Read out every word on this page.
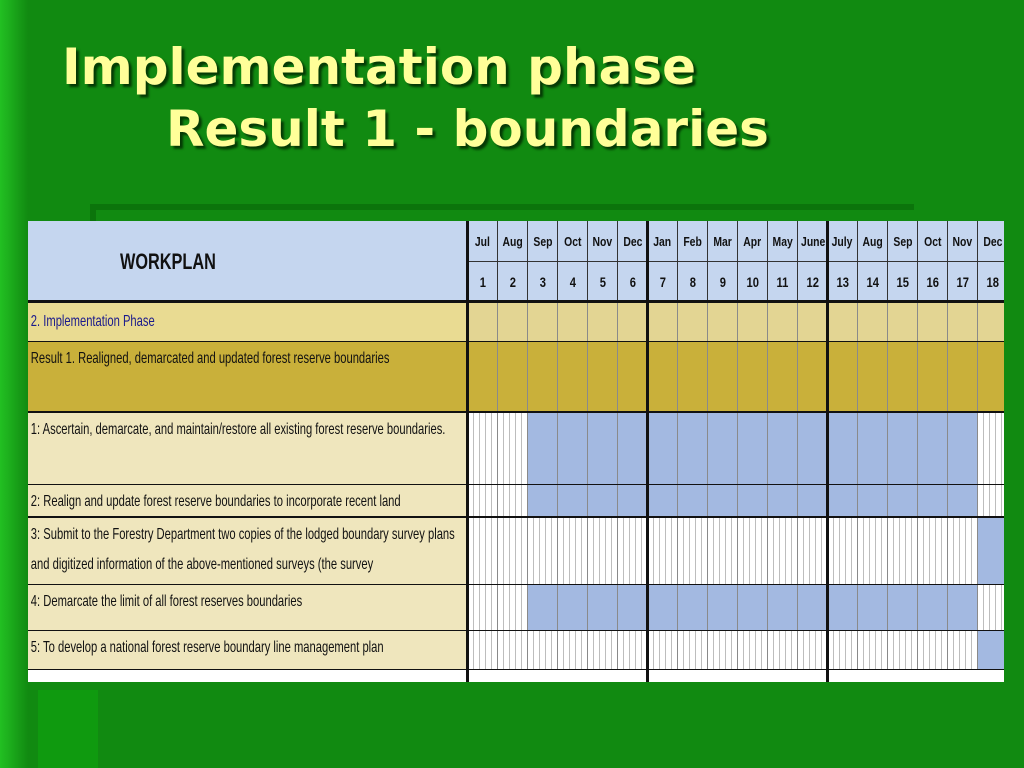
Implementation phase
Result 1 - boundaries
WORKPLAN
Jul
1
Aug
2
Sep
3
Oct
4
Nov
5
Dec
6
Jan
7
Feb
8
Mar
9
Apr
10
May
11
June
12
July
13
Aug
14
Sep
15
Oct
16
Nov
17
Dec
18
2. Implementation Phase
Result 1. Realigned, demarcated and updated forest reserve boundaries
1: Ascertain, demarcate, and maintain/restore all existing forest reserve boundaries.
2: Realign and update forest reserve boundaries to incorporate recent land
3: Submit to the Forestry Department two copies of the lodged boundary survey plans and digitized information of the above-mentioned surveys (the survey
4: Demarcate the limit of all forest reserves boundaries
5: To develop a national forest reserve boundary line management plan
